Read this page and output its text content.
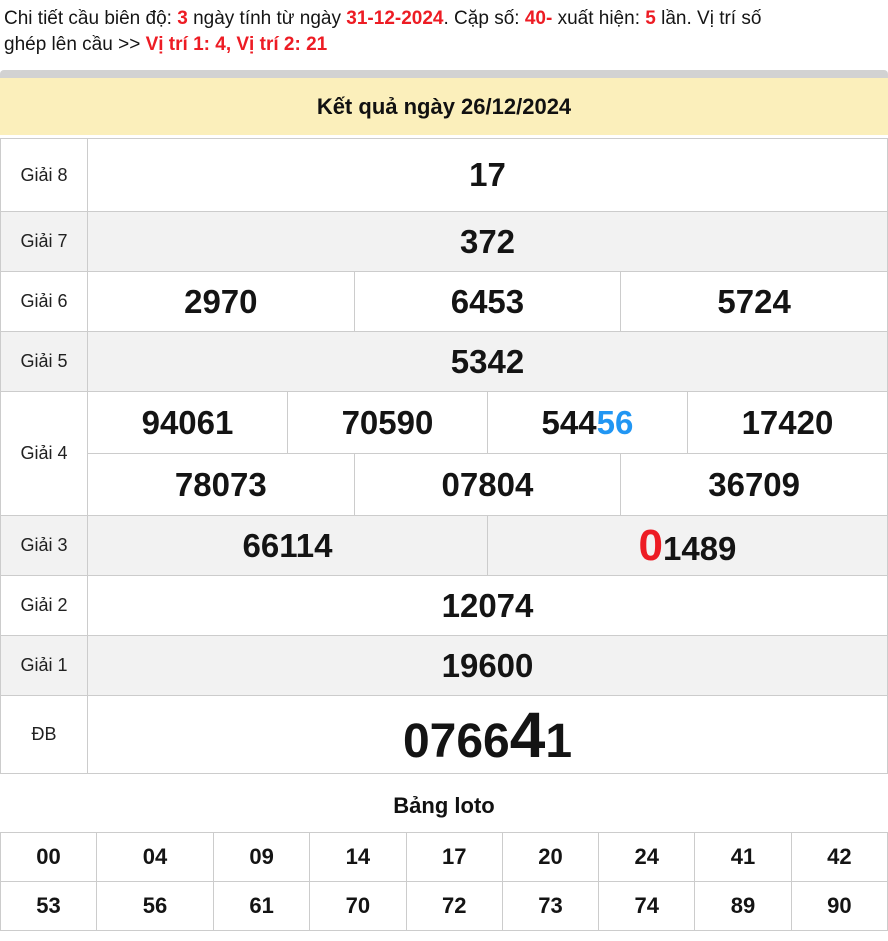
Chi tiết cầu biên độ: 3 ngày tính từ ngày 31-12-2024. Cặp số: 40- xuất hiện: 5 lần. Vị trí số
ghép lên cầu >> Vị trí 1: 4, Vị trí 2: 21
Kết quả ngày 26/12/2024
Giải 8	17					
Giải 7	372					
Giải 6	2970		6453		5724	
Giải 5	5342					
Giải 4	94061	70590		54456		17420
	78073		07804		36709	
Giải 3	66114			01489		
Giải 2	12074					
Giải 1	19600					
ĐB	076641					
Bảng loto
00	04	09	14	17	20	24	41	42
53	56	61	70	72	73	74	89	90
